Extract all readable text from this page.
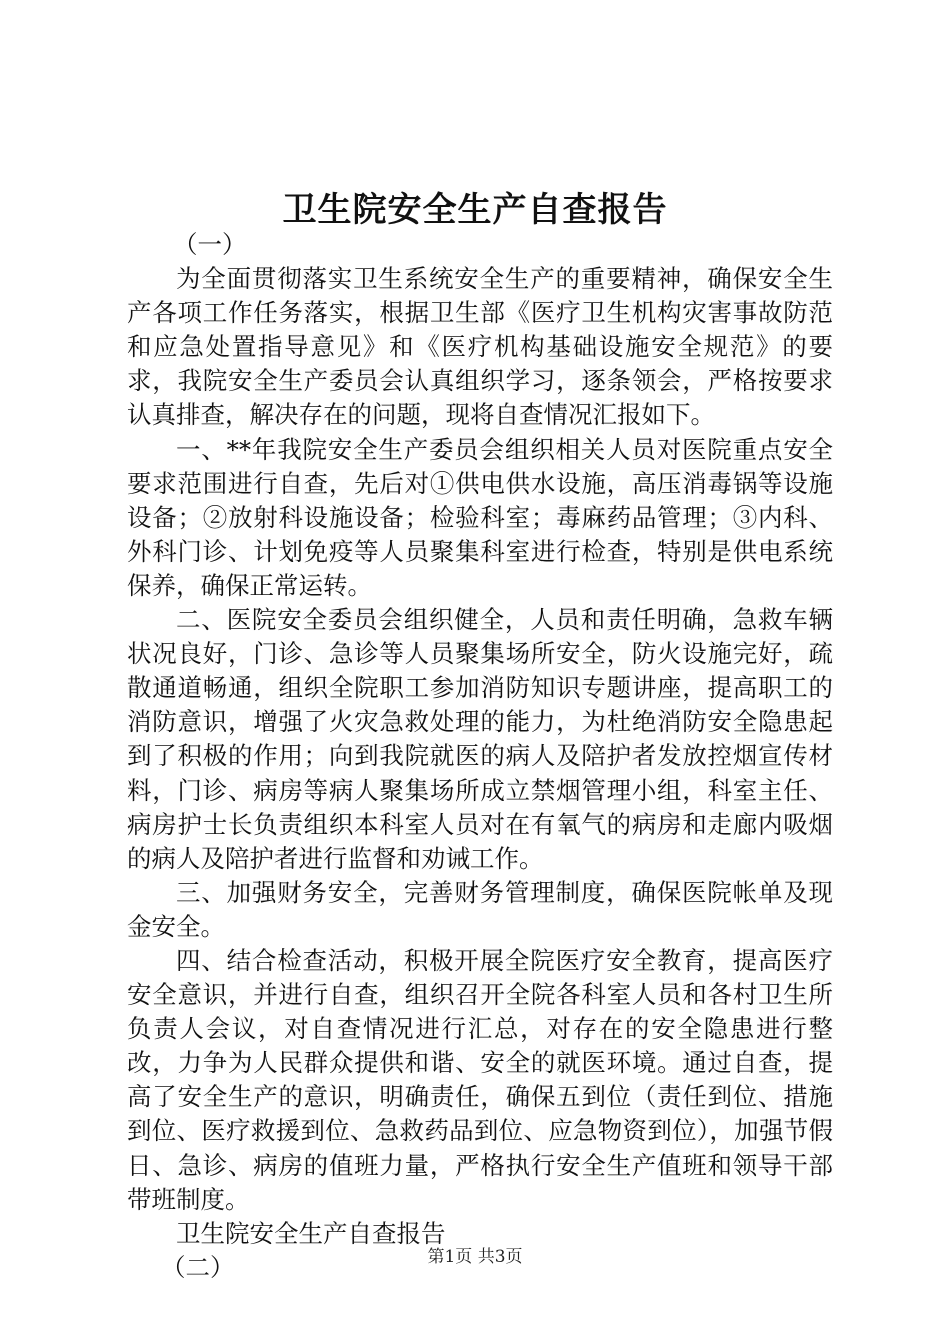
卫生院安全生产自查报告

（一）

为全面贯彻落实卫生系统安全生产的重要精神，确保安全生产各项工作任务落实，根据卫生部《医疗卫生机构灾害事故防范和应急处置指导意见》和《医疗机构基础设施安全规范》的要求，我院安全生产委员会认真组织学习，逐条领会，严格按要求认真排查，解决存在的问题，现将自查情况汇报如下。

一、**年我院安全生产委员会组织相关人员对医院重点安全要求范围进行自查，先后对①供电供水设施，高压消毒锅等设施设备；②放射科设施设备；检验科室；毒麻药品管理；③内科、外科门诊、计划免疫等人员聚集科室进行检查，特别是供电系统保养，确保正常运转。

二、医院安全委员会组织健全，人员和责任明确，急救车辆状况良好，门诊、急诊等人员聚集场所安全，防火设施完好，疏散通道畅通，组织全院职工参加消防知识专题讲座，提高职工的消防意识，增强了火灾急救处理的能力，为杜绝消防安全隐患起到了积极的作用；向到我院就医的病人及陪护者发放控烟宣传材料，门诊、病房等病人聚集场所成立禁烟管理小组，科室主任、病房护士长负责组织本科室人员对在有氧气的病房和走廊内吸烟的病人及陪护者进行监督和劝诫工作。

三、加强财务安全，完善财务管理制度，确保医院帐单及现金安全。

四、结合检查活动，积极开展全院医疗安全教育，提高医疗安全意识，并进行自查，组织召开全院各科室人员和各村卫生所负责人会议，对自查情况进行汇总，对存在的安全隐患进行整改，力争为人民群众提供和谐、安全的就医环境。通过自查，提高了安全生产的意识，明确责任，确保五到位（责任到位、措施到位、医疗救援到位、急救药品到位、应急物资到位），加强节假日、急诊、病房的值班力量，严格执行安全生产值班和领导干部带班制度。

卫生院安全生产自查报告

（二）	第1页 共3页
